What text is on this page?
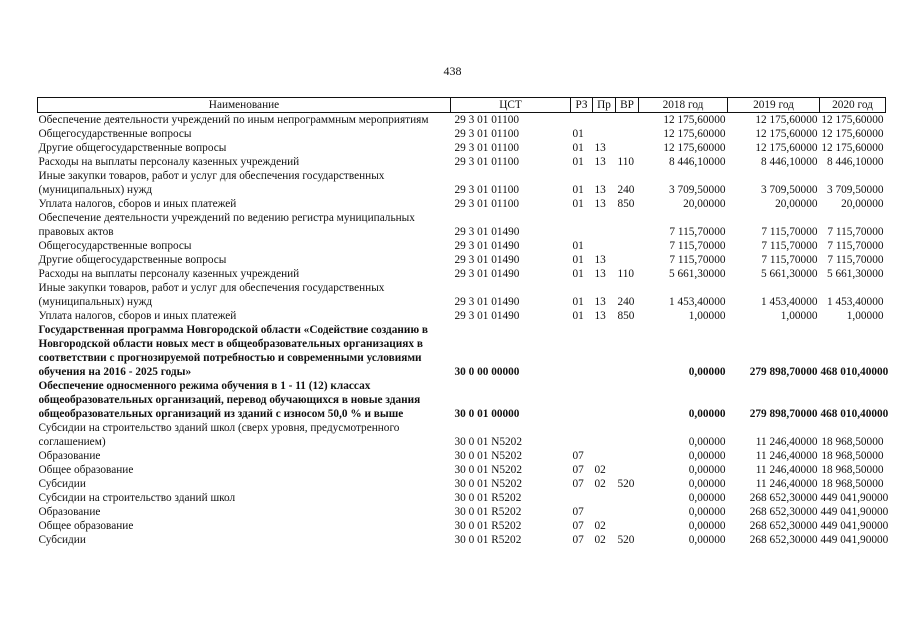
438
Наименование	ЦСТ	РЗ	Пр	ВР	2018 год	2019 год	2020 год
Обеспечение деятельности учреждений по иным непрограммным мероприятиям	29 3 01 01100				12 175,60000	12 175,60000	12 175,60000
Общегосударственные вопросы	29 3 01 01100	01			12 175,60000	12 175,60000	12 175,60000
Другие общегосударственные вопросы	29 3 01 01100	01	13		12 175,60000	12 175,60000	12 175,60000
Расходы на выплаты персоналу казенных учреждений	29 3 01 01100	01	13	110	8 446,10000	8 446,10000	8 446,10000
Иные закупки товаров, работ и услуг для обеспечения государственных (муниципальных) нужд	29 3 01 01100	01	13	240	3 709,50000	3 709,50000	3 709,50000
Уплата налогов, сборов и иных платежей	29 3 01 01100	01	13	850	20,00000	20,00000	20,00000
Обеспечение деятельности учреждений по ведению регистра муниципальных правовых актов	29 3 01 01490				7 115,70000	7 115,70000	7 115,70000
Общегосударственные вопросы	29 3 01 01490	01			7 115,70000	7 115,70000	7 115,70000
Другие общегосударственные вопросы	29 3 01 01490	01	13		7 115,70000	7 115,70000	7 115,70000
Расходы на выплаты персоналу казенных учреждений	29 3 01 01490	01	13	110	5 661,30000	5 661,30000	5 661,30000
Иные закупки товаров, работ и услуг для обеспечения государственных (муниципальных) нужд	29 3 01 01490	01	13	240	1 453,40000	1 453,40000	1 453,40000
Уплата налогов, сборов и иных платежей	29 3 01 01490	01	13	850	1,00000	1,00000	1,00000
Государственная программа Новгородской области «Содействие созданию в Новгородской области новых мест в общеобразовательных организациях в соответствии с прогнозируемой потребностью и современными условиями обучения на 2016 - 2025 годы»	30 0 00 00000				0,00000	279 898,70000	468 010,40000
Обеспечение односменного режима обучения в 1 - 11 (12) классах общеобразовательных организаций, перевод обучающихся в новые здания общеобразовательных организаций из зданий с износом 50,0 % и выше	30 0 01 00000				0,00000	279 898,70000	468 010,40000
Субсидии на строительство зданий школ (сверх уровня, предусмотренного соглашением)	30 0 01 N5202				0,00000	11 246,40000	18 968,50000
Образование	30 0 01 N5202	07			0,00000	11 246,40000	18 968,50000
Общее образование	30 0 01 N5202	07	02		0,00000	11 246,40000	18 968,50000
Субсидии	30 0 01 N5202	07	02	520	0,00000	11 246,40000	18 968,50000
Субсидии на строительство зданий школ	30 0 01 R5202				0,00000	268 652,30000	449 041,90000
Образование	30 0 01 R5202	07			0,00000	268 652,30000	449 041,90000
Общее образование	30 0 01 R5202	07	02		0,00000	268 652,30000	449 041,90000
Субсидии	30 0 01 R5202	07	02	520	0,00000	268 652,30000	449 041,90000
